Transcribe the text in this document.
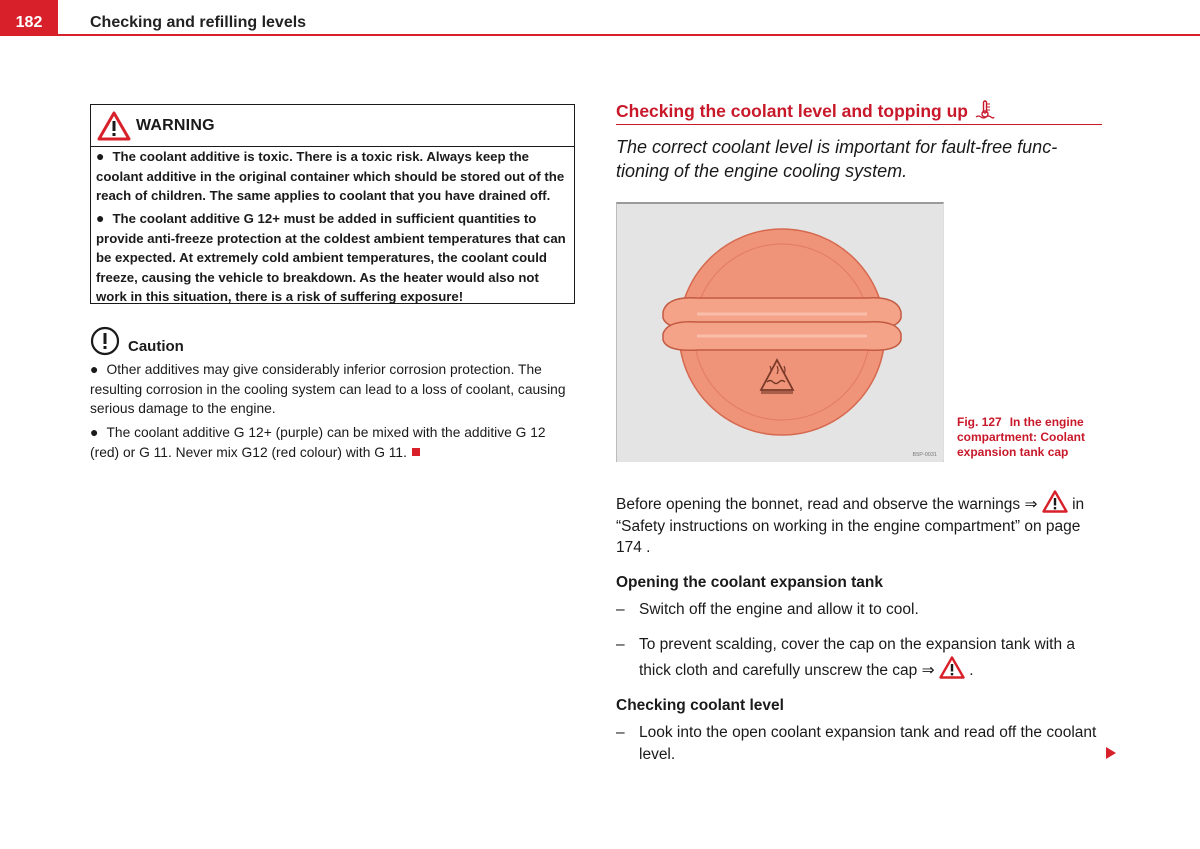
182	Checking and refilling levels
WARNING
● The coolant additive is toxic. There is a toxic risk. Always keep the coolant additive in the original container which should be stored out of the reach of children. The same applies to coolant that you have drained off.
● The coolant additive G 12+ must be added in sufficient quantities to provide anti-freeze protection at the coldest ambient temperatures that can be expected. At extremely cold ambient temperatures, the coolant could freeze, causing the vehicle to breakdown. As the heater would also not work in this situation, there is a risk of suffering exposure!
Caution
● Other additives may give considerably inferior corrosion protection. The resulting corrosion in the cooling system can lead to a loss of coolant, causing serious damage to the engine.
● The coolant additive G 12+ (purple) can be mixed with the additive G 12 (red) or G 11. Never mix G12 (red colour) with G 11.
Checking the coolant level and topping up
The correct coolant level is important for fault-free func-tioning of the engine cooling system.
B5P-0031
Fig. 127 In the engine compartment: Coolant expansion tank cap
Before opening the bonnet, read and observe the warnings ⇒ in “Safety instructions on working in the engine compartment” on page 174 .
Opening the coolant expansion tank
– Switch off the engine and allow it to cool.
– To prevent scalding, cover the cap on the expansion tank with a thick cloth and carefully unscrew the cap ⇒ .
Checking coolant level
– Look into the open coolant expansion tank and read off the coolant level.
